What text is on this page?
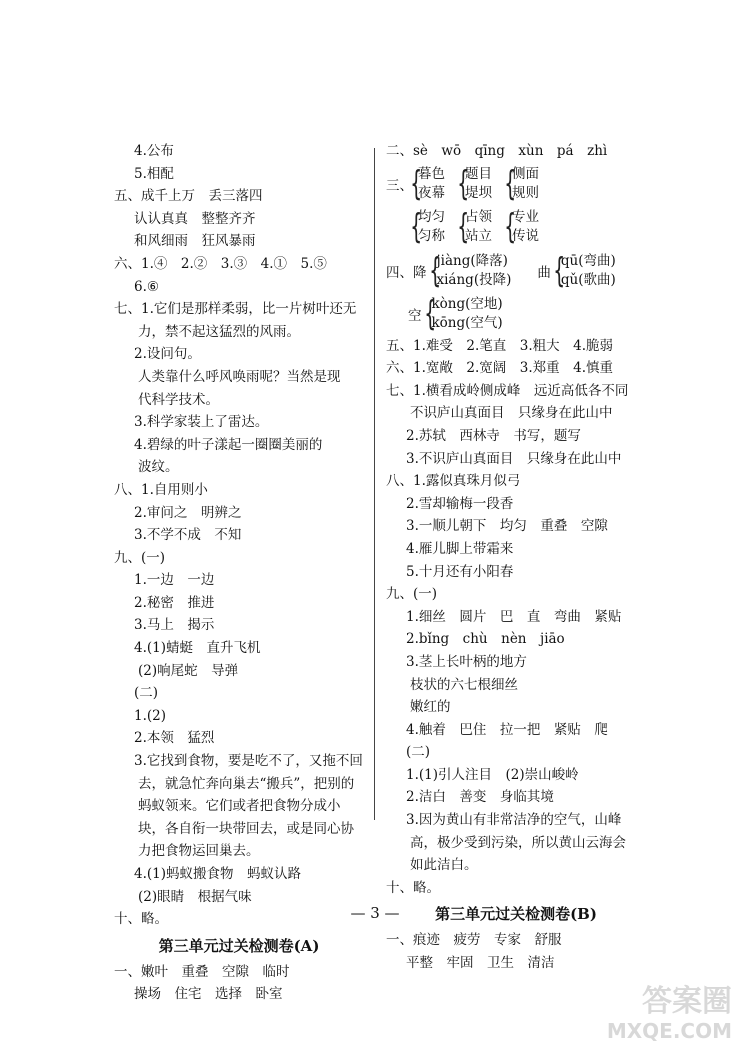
4.公布
5.相配
五、成千上万　丢三落四
认认真真　整整齐齐
和风细雨　狂风暴雨
六、1.④　2.②　3.③　4.①　5.⑤
6.⑥
七、1.它们是那样柔弱，比一片树叶还无
力，禁不起这猛烈的风雨。
2.设问句。
人类靠什么呼风唤雨呢？当然是现
代科学技术。
3.科学家装上了雷达。
4.碧绿的叶子漾起一圈圈美丽的
波纹。
八、1.自用则小
2.审问之　明辨之
3.不学不成　不知
九、(一)
1.一边　一边
2.秘密　推进
3.马上　揭示
4.(1)蜻蜓　直升飞机
(2)响尾蛇　导弹
(二)
1.(2)
2.本领　猛烈
3.它找到食物，要是吃不了，又拖不回
去，就急忙奔向巢去“搬兵”，把别的
蚂蚁领来。它们或者把食物分成小
块，各自衔一块带回去，或是同心协
力把食物运回巢去。
4.(1)蚂蚁搬食物　蚂蚁认路
(2)眼睛　根据气味
十、略。
第三单元过关检测卷(A)
一、嫩叶　重叠　空隙　临时
操场　住宅　选择　卧室
二、sè　wō　qīng　xùn　pá　zhì
三、
{
暮色
夜幕 {
题目
堤坝 {
侧面
规则
{
均匀
匀称 {
占领
站立 {
专业
传说
四、降 {
jiàng(降落)
xiáng(投降) 曲 {
qū(弯曲)
qǔ(歌曲)
空 {
kòng(空地)
kōng(空气)
五、1.难受　2.笔直　3.粗大　4.脆弱
六、1.宽敞　2.宽阔　3.郑重　4.慎重
七、1.横看成岭侧成峰　远近高低各不同
不识庐山真面目　只缘身在此山中
2.苏轼　西林寺　书写，题写
3.不识庐山真面目　只缘身在此山中
八、1.露似真珠月似弓
2.雪却输梅一段香
3.一顺儿朝下　均匀　重叠　空隙
4.雁儿脚上带霜来
5.十月还有小阳春
九、(一)
1.细丝　圆片　巴　直　弯曲　紧贴
2.bǐng　chù　nèn　jiāo
3.茎上长叶柄的地方
枝状的六七根细丝
嫩红的
4.触着　巴住　拉一把　紧贴　爬
(二)
1.(1)引人注目　(2)崇山峻岭
2.洁白　善变　身临其境
3.因为黄山有非常洁净的空气，山峰
高，极少受到污染，所以黄山云海会
如此洁白。
十、略。
第三单元过关检测卷(B)
一、痕迹　疲劳　专家　舒服
平整　牢固　卫生　清洁
— 3 —
答案圈
MXQE.COM
